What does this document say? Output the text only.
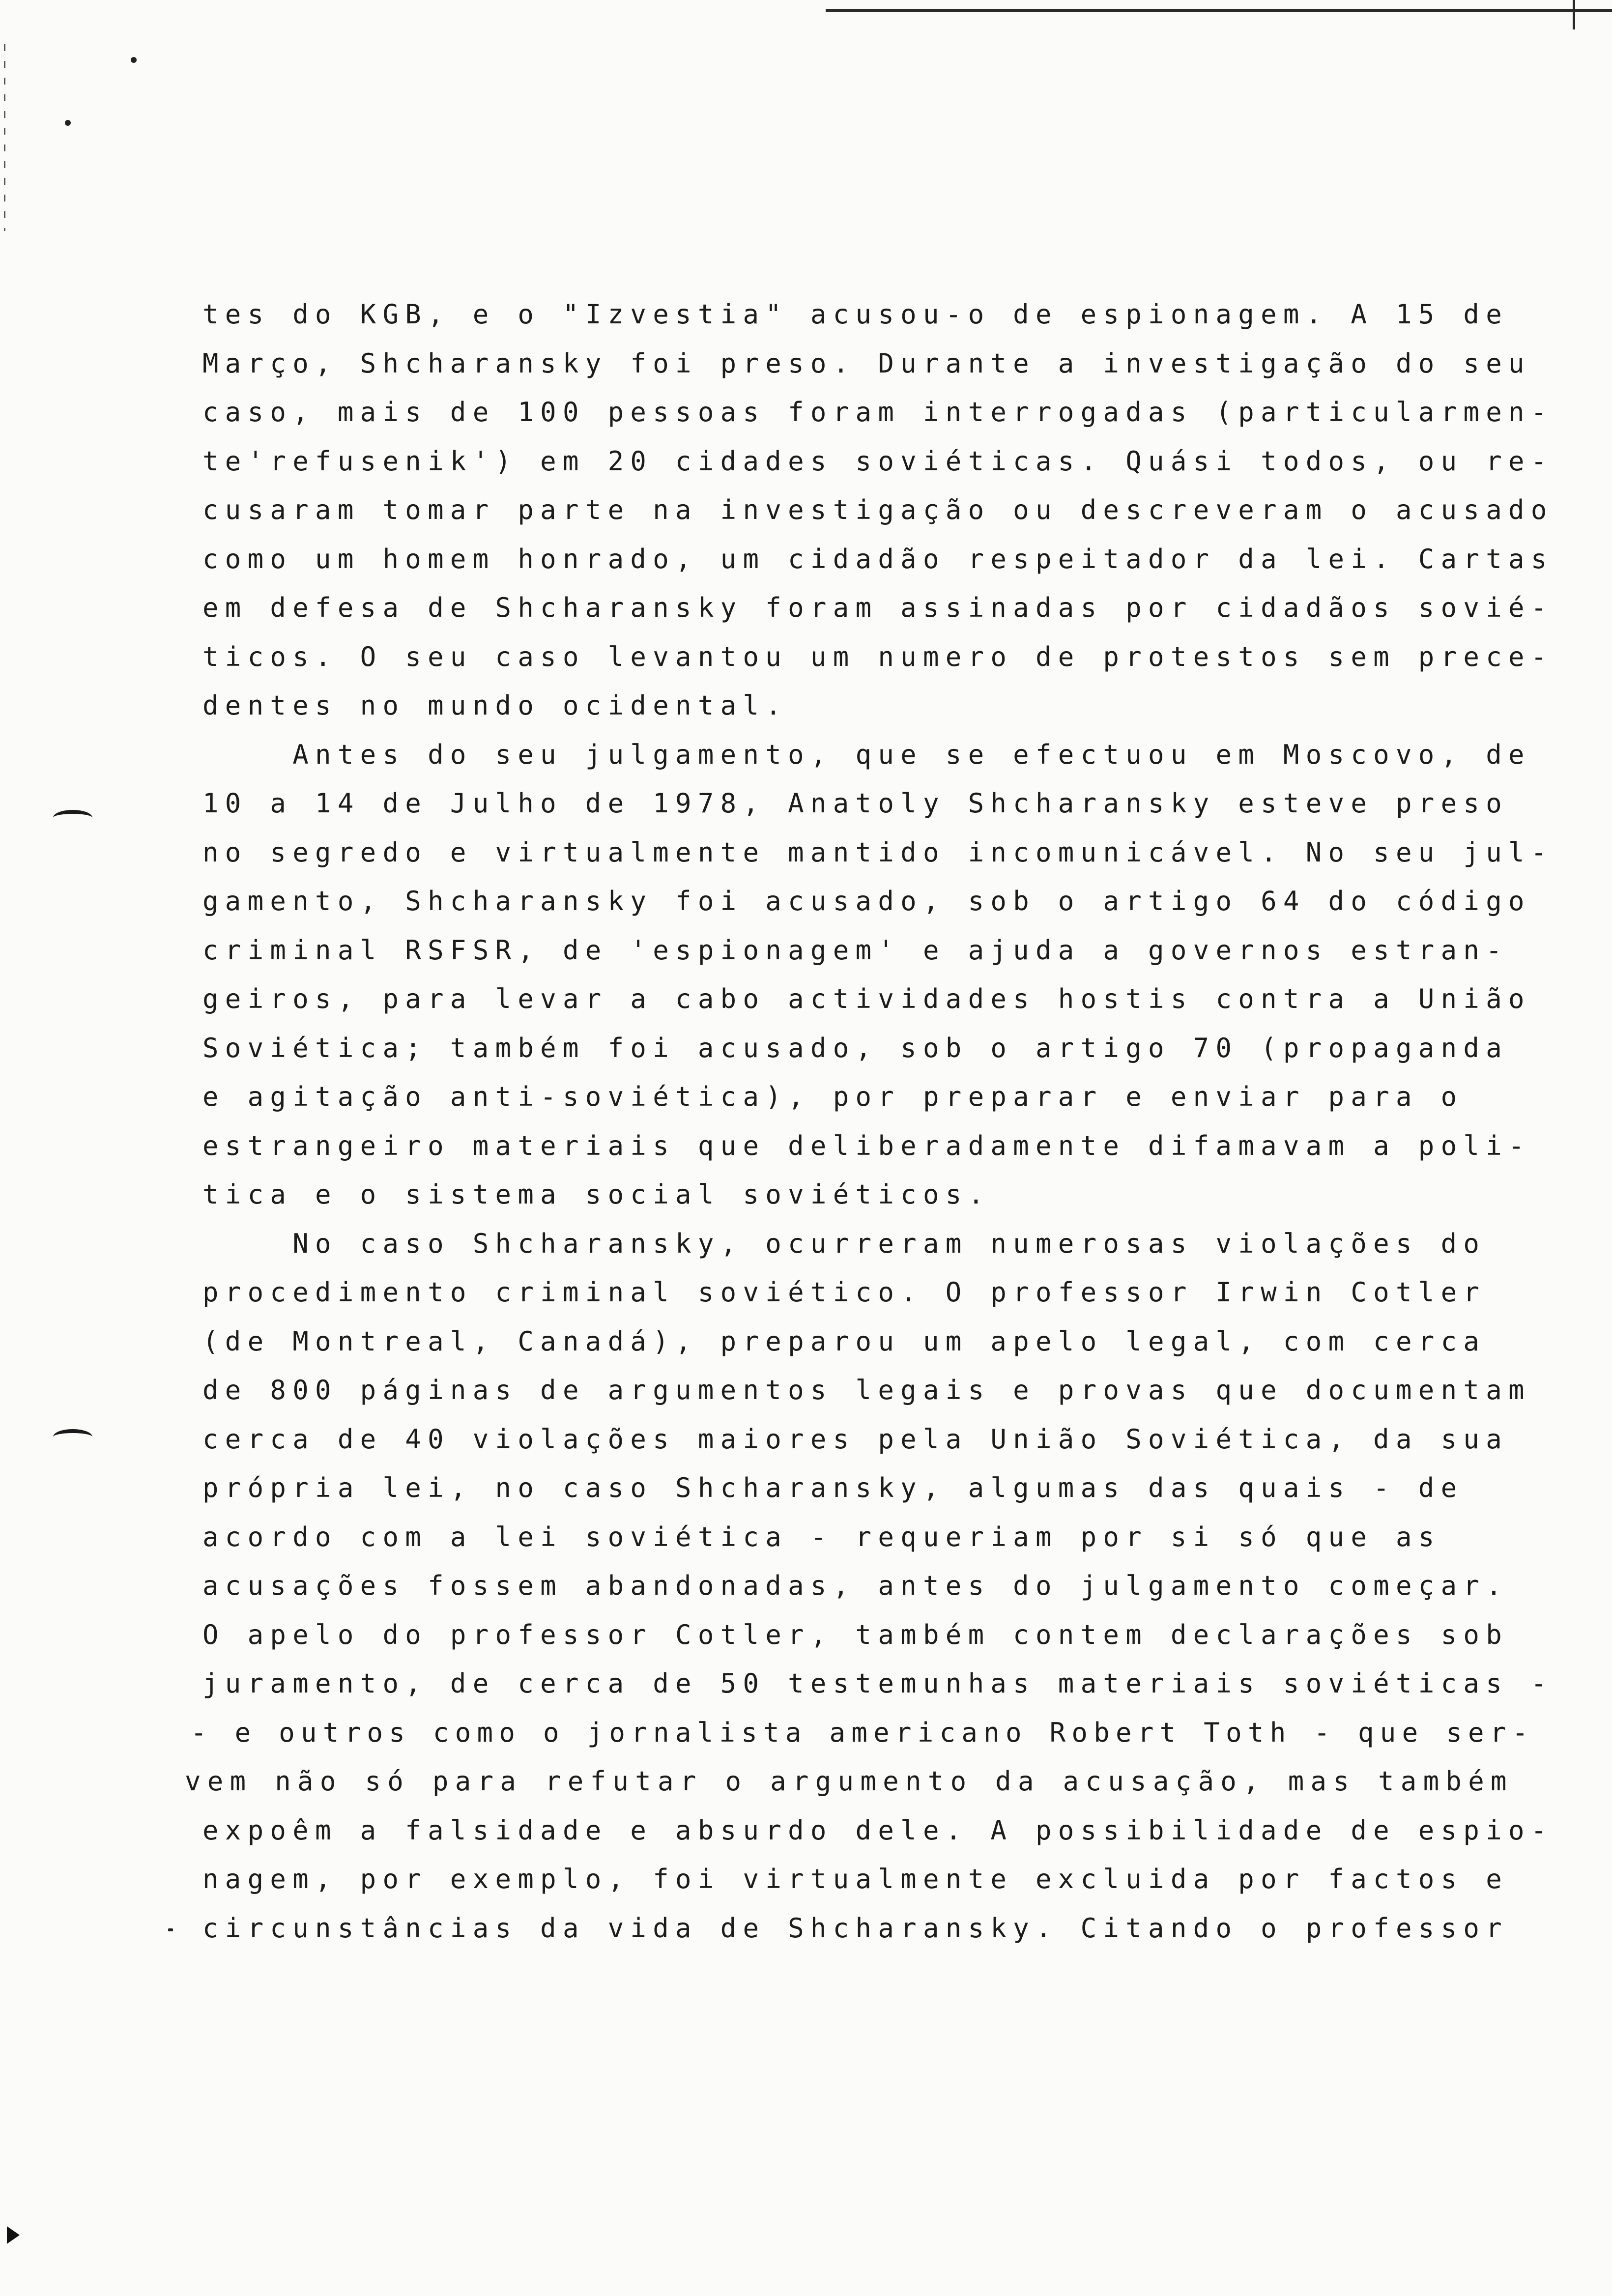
tes do KGB, e o "Izvestia" acusou-o de espionagem. A 15 de
Março, Shcharansky foi preso. Durante a investigação do seu
caso, mais de 100 pessoas foram interrogadas (particularmen-
te'refusenik') em 20 cidades soviéticas. Quási todos, ou re-
cusaram tomar parte na investigação ou descreveram o acusado
como um homem honrado, um cidadão respeitador da lei. Cartas
em defesa de Shcharansky foram assinadas por cidadãos sovié-
ticos. O seu caso levantou um numero de protestos sem prece-
dentes no mundo ocidental.
Antes do seu julgamento, que se efectuou em Moscovo, de
10 a 14 de Julho de 1978, Anatoly Shcharansky esteve preso
no segredo e virtualmente mantido incomunicável. No seu jul-
gamento, Shcharansky foi acusado, sob o artigo 64 do código
criminal RSFSR, de 'espionagem' e ajuda a governos estran-
geiros, para levar a cabo actividades hostis contra a União
Soviética; também foi acusado, sob o artigo 70 (propaganda
e agitação anti-soviética), por preparar e enviar para o
estrangeiro materiais que deliberadamente difamavam a poli-
tica e o sistema social soviéticos.
No caso Shcharansky, ocurreram numerosas violações do
procedimento criminal soviético. O professor Irwin Cotler
(de Montreal, Canadá), preparou um apelo legal, com cerca
de 800 páginas de argumentos legais e provas que documentam
cerca de 40 violações maiores pela União Soviética, da sua
própria lei, no caso Shcharansky, algumas das quais - de
acordo com a lei soviética - requeriam por si só que as
acusações fossem abandonadas, antes do julgamento começar.
O apelo do professor Cotler, também contem declarações sob
juramento, de cerca de 50 testemunhas materiais soviéticas -
- e outros como o jornalista americano Robert Toth - que ser-
vem não só para refutar o argumento da acusação, mas também
expoêm a falsidade e absurdo dele. A possibilidade de espio-
nagem, por exemplo, foi virtualmente excluida por factos e
circunstâncias da vida de Shcharansky. Citando o professor
